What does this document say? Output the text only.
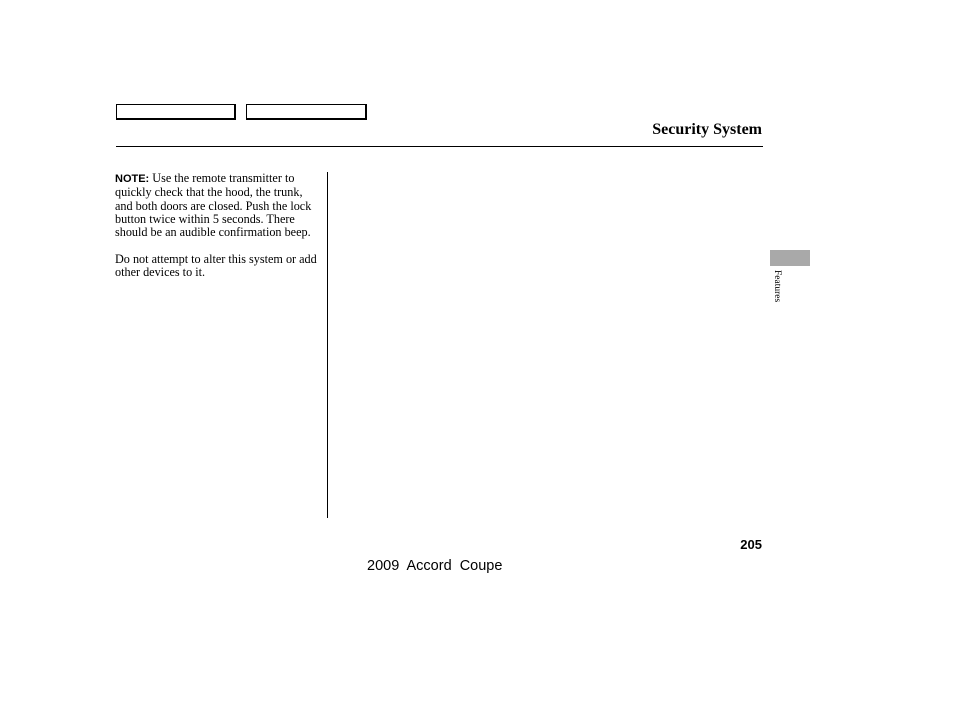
Security System

NOTE: Use the remote transmitter to quickly check that the hood, the trunk, and both doors are closed. Push the lock button twice within 5 seconds. There should be an audible confirmation beep.

Do not attempt to alter this system or add other devices to it.	Features
205
2009  Accord  Coupe
